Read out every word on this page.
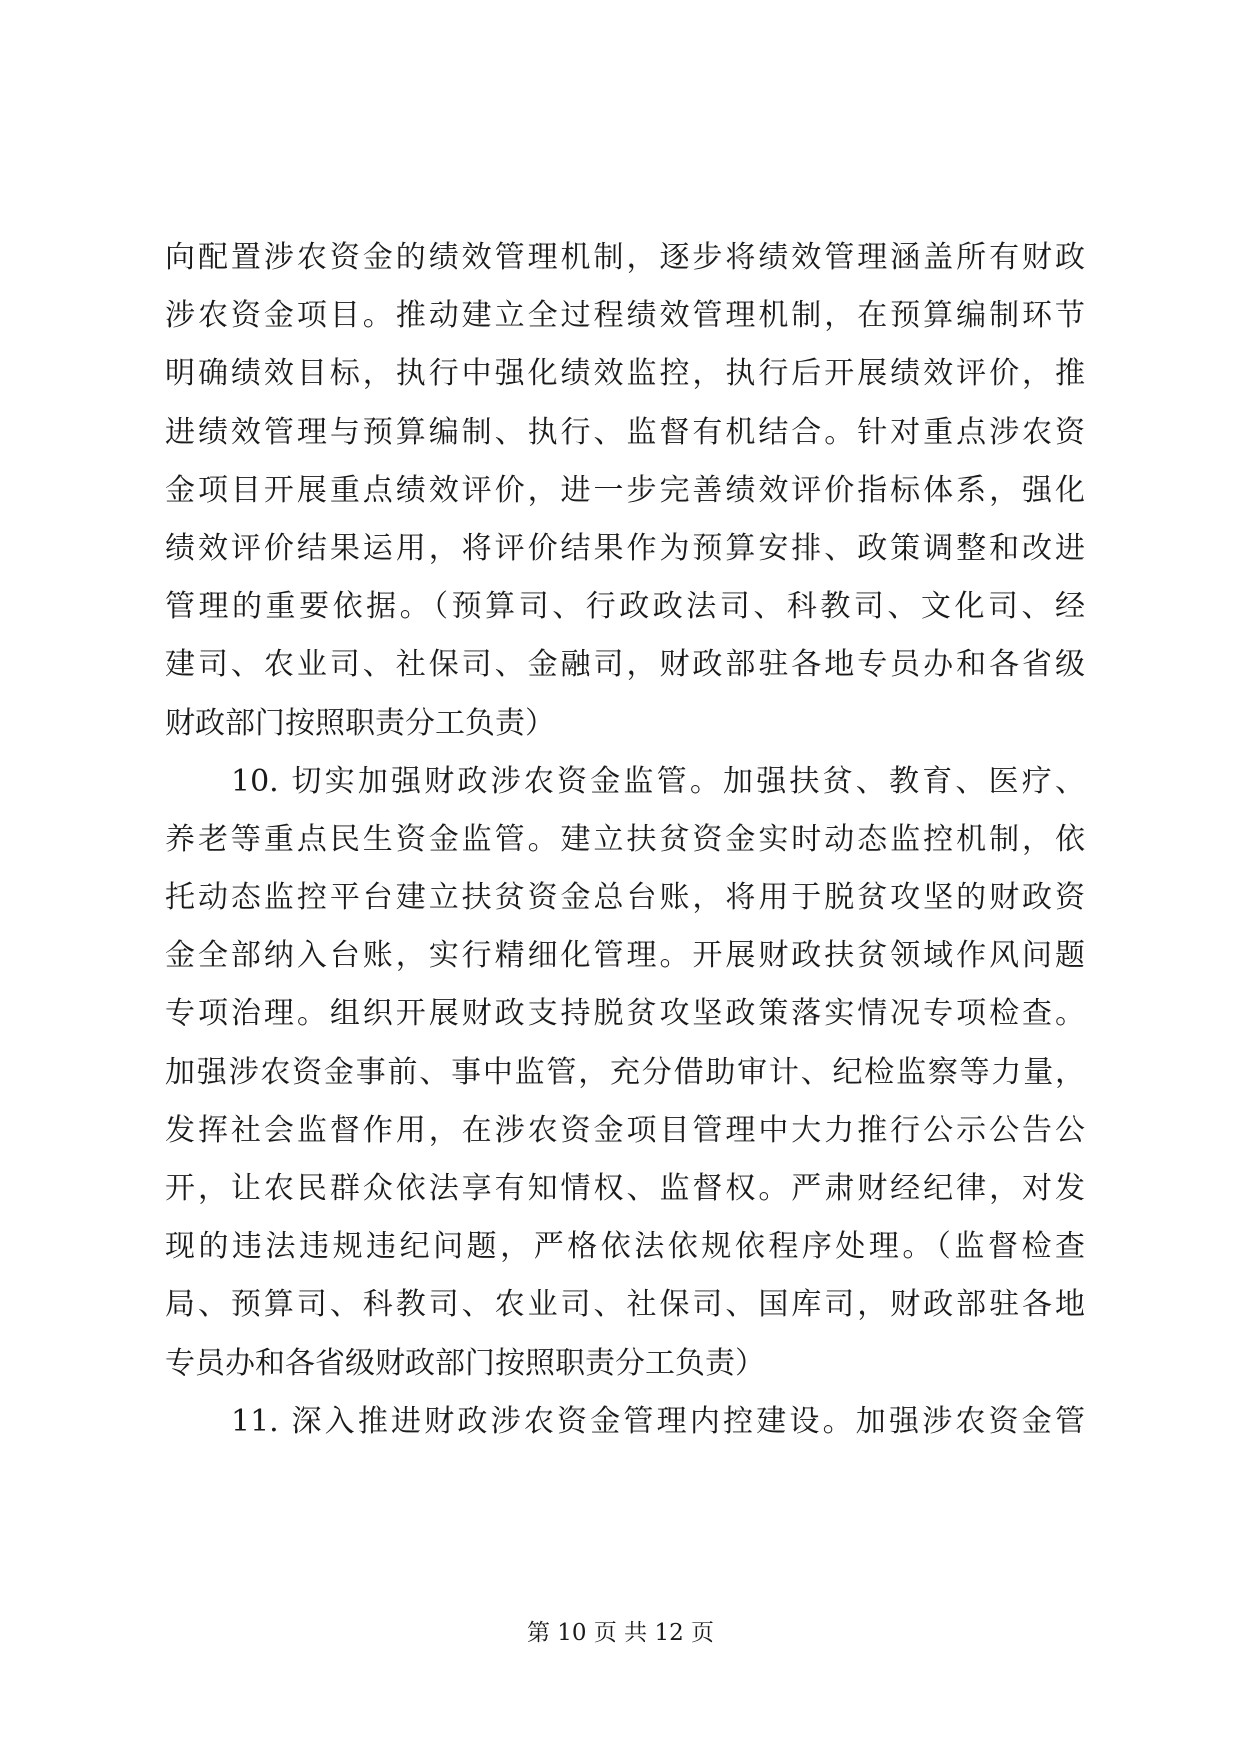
向配置涉农资金的绩效管理机制，逐步将绩效管理涵盖所有财政
涉农资金项目。推动建立全过程绩效管理机制，在预算编制环节
明确绩效目标，执行中强化绩效监控，执行后开展绩效评价，推
进绩效管理与预算编制、执行、监督有机结合。针对重点涉农资
金项目开展重点绩效评价，进一步完善绩效评价指标体系，强化
绩效评价结果运用，将评价结果作为预算安排、政策调整和改进
管理的重要依据。（预算司、行政政法司、科教司、文化司、经
建司、农业司、社保司、金融司，财政部驻各地专员办和各省级
财政部门按照职责分工负责）
10. 切实加强财政涉农资金监管。加强扶贫、教育、医疗、
养老等重点民生资金监管。建立扶贫资金实时动态监控机制，依
托动态监控平台建立扶贫资金总台账，将用于脱贫攻坚的财政资
金全部纳入台账，实行精细化管理。开展财政扶贫领域作风问题
专项治理。组织开展财政支持脱贫攻坚政策落实情况专项检查。
加强涉农资金事前、事中监管，充分借助审计、纪检监察等力量，
发挥社会监督作用，在涉农资金项目管理中大力推行公示公告公
开，让农民群众依法享有知情权、监督权。严肃财经纪律，对发
现的违法违规违纪问题，严格依法依规依程序处理。（监督检查
局、预算司、科教司、农业司、社保司、国库司，财政部驻各地
专员办和各省级财政部门按照职责分工负责）
11. 深入推进财政涉农资金管理内控建设。加强涉农资金管
第 10 页 共 12 页
